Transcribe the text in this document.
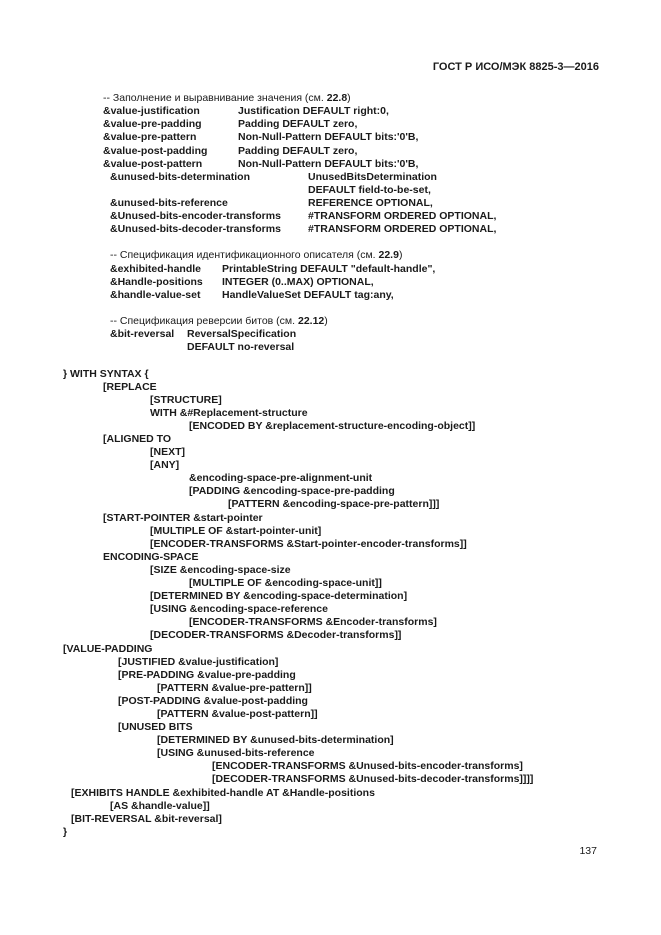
ГОСТ Р ИСО/МЭК 8825-3—2016
-- Заполнение и выравнивание значения (см. 22.8)
&value-justification	Justification DEFAULT right:0,
&value-pre-padding	Padding DEFAULT zero,
&value-pre-pattern	Non-Null-Pattern DEFAULT bits:'0'B,
&value-post-padding	Padding DEFAULT zero,
&value-post-pattern	Non-Null-Pattern DEFAULT bits:'0'B,
&unused-bits-determination	UnusedBitsDetermination
DEFAULT field-to-be-set,
&unused-bits-reference	REFERENCE OPTIONAL,
&Unused-bits-encoder-transforms	#TRANSFORM ORDERED OPTIONAL,
&Unused-bits-decoder-transforms	#TRANSFORM ORDERED OPTIONAL,
-- Спецификация идентификационного описателя (см. 22.9)
&exhibited-handle PrintableString DEFAULT "default-handle",
&Handle-positions INTEGER (0..MAX) OPTIONAL,
&handle-value-set HandleValueSet DEFAULT tag:any,
-- Спецификация реверсии битов (см. 22.12)
&bit-reversal ReversalSpecification
DEFAULT no-reversal
} WITH SYNTAX {
[REPLACE
[STRUCTURE]
WITH &#Replacement-structure
[ENCODED BY &replacement-structure-encoding-object]]
[ALIGNED TO
[NEXT]
[ANY]
&encoding-space-pre-alignment-unit
[PADDING &encoding-space-pre-padding
[PATTERN &encoding-space-pre-pattern]]]
[START-POINTER &start-pointer
[MULTIPLE OF &start-pointer-unit]
[ENCODER-TRANSFORMS &Start-pointer-encoder-transforms]]
ENCODING-SPACE
[SIZE &encoding-space-size
[MULTIPLE OF &encoding-space-unit]]
[DETERMINED BY &encoding-space-determination]
[USING &encoding-space-reference
[ENCODER-TRANSFORMS &Encoder-transforms]
[DECODER-TRANSFORMS &Decoder-transforms]]
[VALUE-PADDING
[JUSTIFIED &value-justification]
[PRE-PADDING &value-pre-padding
[PATTERN &value-pre-pattern]]
[POST-PADDING &value-post-padding
[PATTERN &value-post-pattern]]
[UNUSED BITS
[DETERMINED BY &unused-bits-determination]
[USING &unused-bits-reference
[ENCODER-TRANSFORMS &Unused-bits-encoder-transforms]
[DECODER-TRANSFORMS &Unused-bits-decoder-transforms]]]]
[EXHIBITS HANDLE &exhibited-handle AT &Handle-positions
[AS &handle-value]]
[BIT-REVERSAL &bit-reversal]
}
137
